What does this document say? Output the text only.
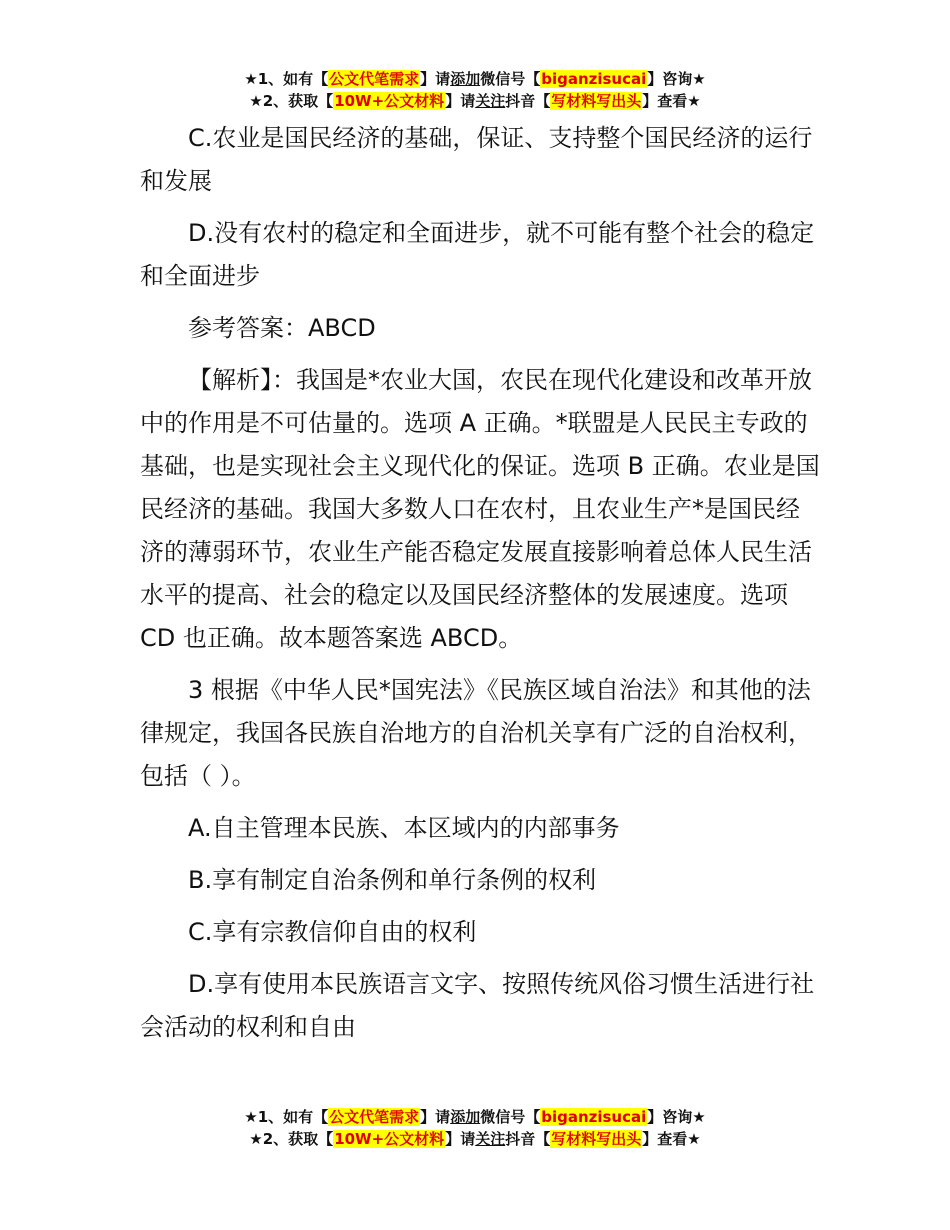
★1、如有【公文代笔需求】请添加微信号【biganzisucai】咨询★
★2、获取【10W+公文材料】请关注抖音【写材料写出头】查看★

C.农业是国民经济的基础，保证、支持整个国民经济的运行和发展

D.没有农村的稳定和全面进步，就不可能有整个社会的稳定和全面进步

参考答案：ABCD

【解析】：我国是*农业大国，农民在现代化建设和改革开放中的作用是不可估量的。选项 A 正确。*联盟是人民民主专政的基础，也是实现社会主义现代化的保证。选项 B 正确。农业是国民经济的基础。我国大多数人口在农村，且农业生产*是国民经济的薄弱环节，农业生产能否稳定发展直接影响着总体人民生活水平的提高、社会的稳定以及国民经济整体的发展速度。选项 CD 也正确。故本题答案选 ABCD。

3 根据《中华人民*国宪法》《民族区域自治法》和其他的法律规定，我国各民族自治地方的自治机关享有广泛的自治权利，包括（ ）。

A.自主管理本民族、本区域内的内部事务

B.享有制定自治条例和单行条例的权利

C.享有宗教信仰自由的权利

D.享有使用本民族语言文字、按照传统风俗习惯生活进行社会活动的权利和自由

★1、如有【公文代笔需求】请添加微信号【biganzisucai】咨询★
★2、获取【10W+公文材料】请关注抖音【写材料写出头】查看★
